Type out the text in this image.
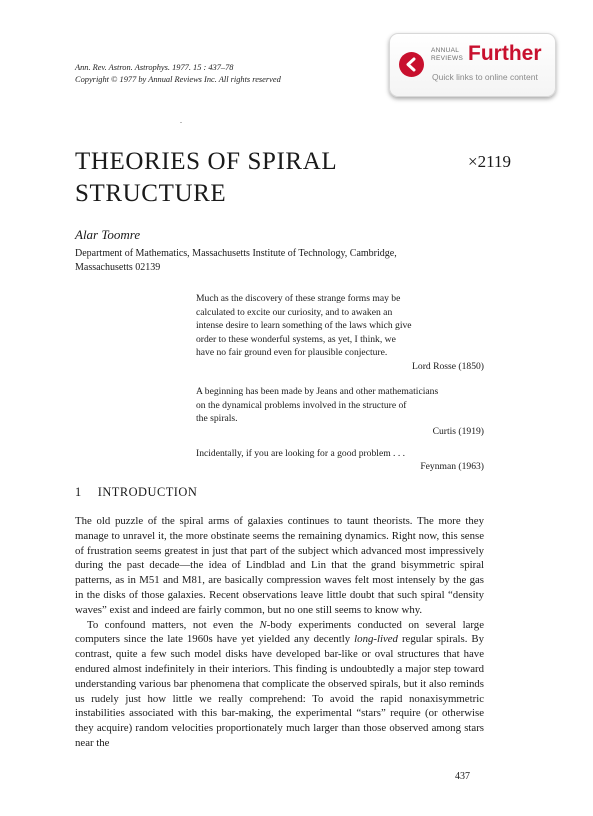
Ann. Rev. Astron. Astrophys. 1977. 15 : 437–78
Copyright © 1977 by Annual Reviews Inc. All rights reserved
ANNUAL
REVIEWS Further
Quick links to online content
THEORIES OF SPIRAL
STRUCTURE
×2119
Alar Toomre
Department of Mathematics, Massachusetts Institute of Technology, Cambridge, Massachusetts 02139
Much as the discovery of these strange forms may be
calculated to excite our curiosity, and to awaken an
intense desire to learn something of the laws which give
order to these wonderful systems, as yet, I think, we
have no fair ground even for plausible conjecture.
Lord Rosse (1850)
A beginning has been made by Jeans and other mathematicians
on the dynamical problems involved in the structure of
the spirals.
Curtis (1919)
Incidentally, if you are looking for a good problem . . .
Feynman (1963)
1 INTRODUCTION

The old puzzle of the spiral arms of galaxies continues to taunt theorists. The more they manage to unravel it, the more obstinate seems the remaining dynamics. Right now, this sense of frustration seems greatest in just that part of the subject which advanced most impressively during the past decade—the idea of Lindblad and Lin that the grand bisymmetric spiral patterns, as in M51 and M81, are basically compression waves felt most intensely by the gas in the disks of those galaxies. Recent observations leave little doubt that such spiral “density waves” exist and indeed are fairly common, but no one still seems to know why.

To confound matters, not even the N-body experiments conducted on several large computers since the late 1960s have yet yielded any decently long-lived regular spirals. By contrast, quite a few such model disks have developed bar-like or oval structures that have endured almost indefinitely in their interiors. This finding is undoubtedly a major step toward understanding various bar phenomena that complicate the observed spirals, but it also reminds us rudely just how little we really comprehend: To avoid the rapid nonaxisymmetric instabilities associated with this bar-making, the experimental “stars” require (or otherwise they acquire) random velocities proportionately much larger than those observed among stars near the

437
